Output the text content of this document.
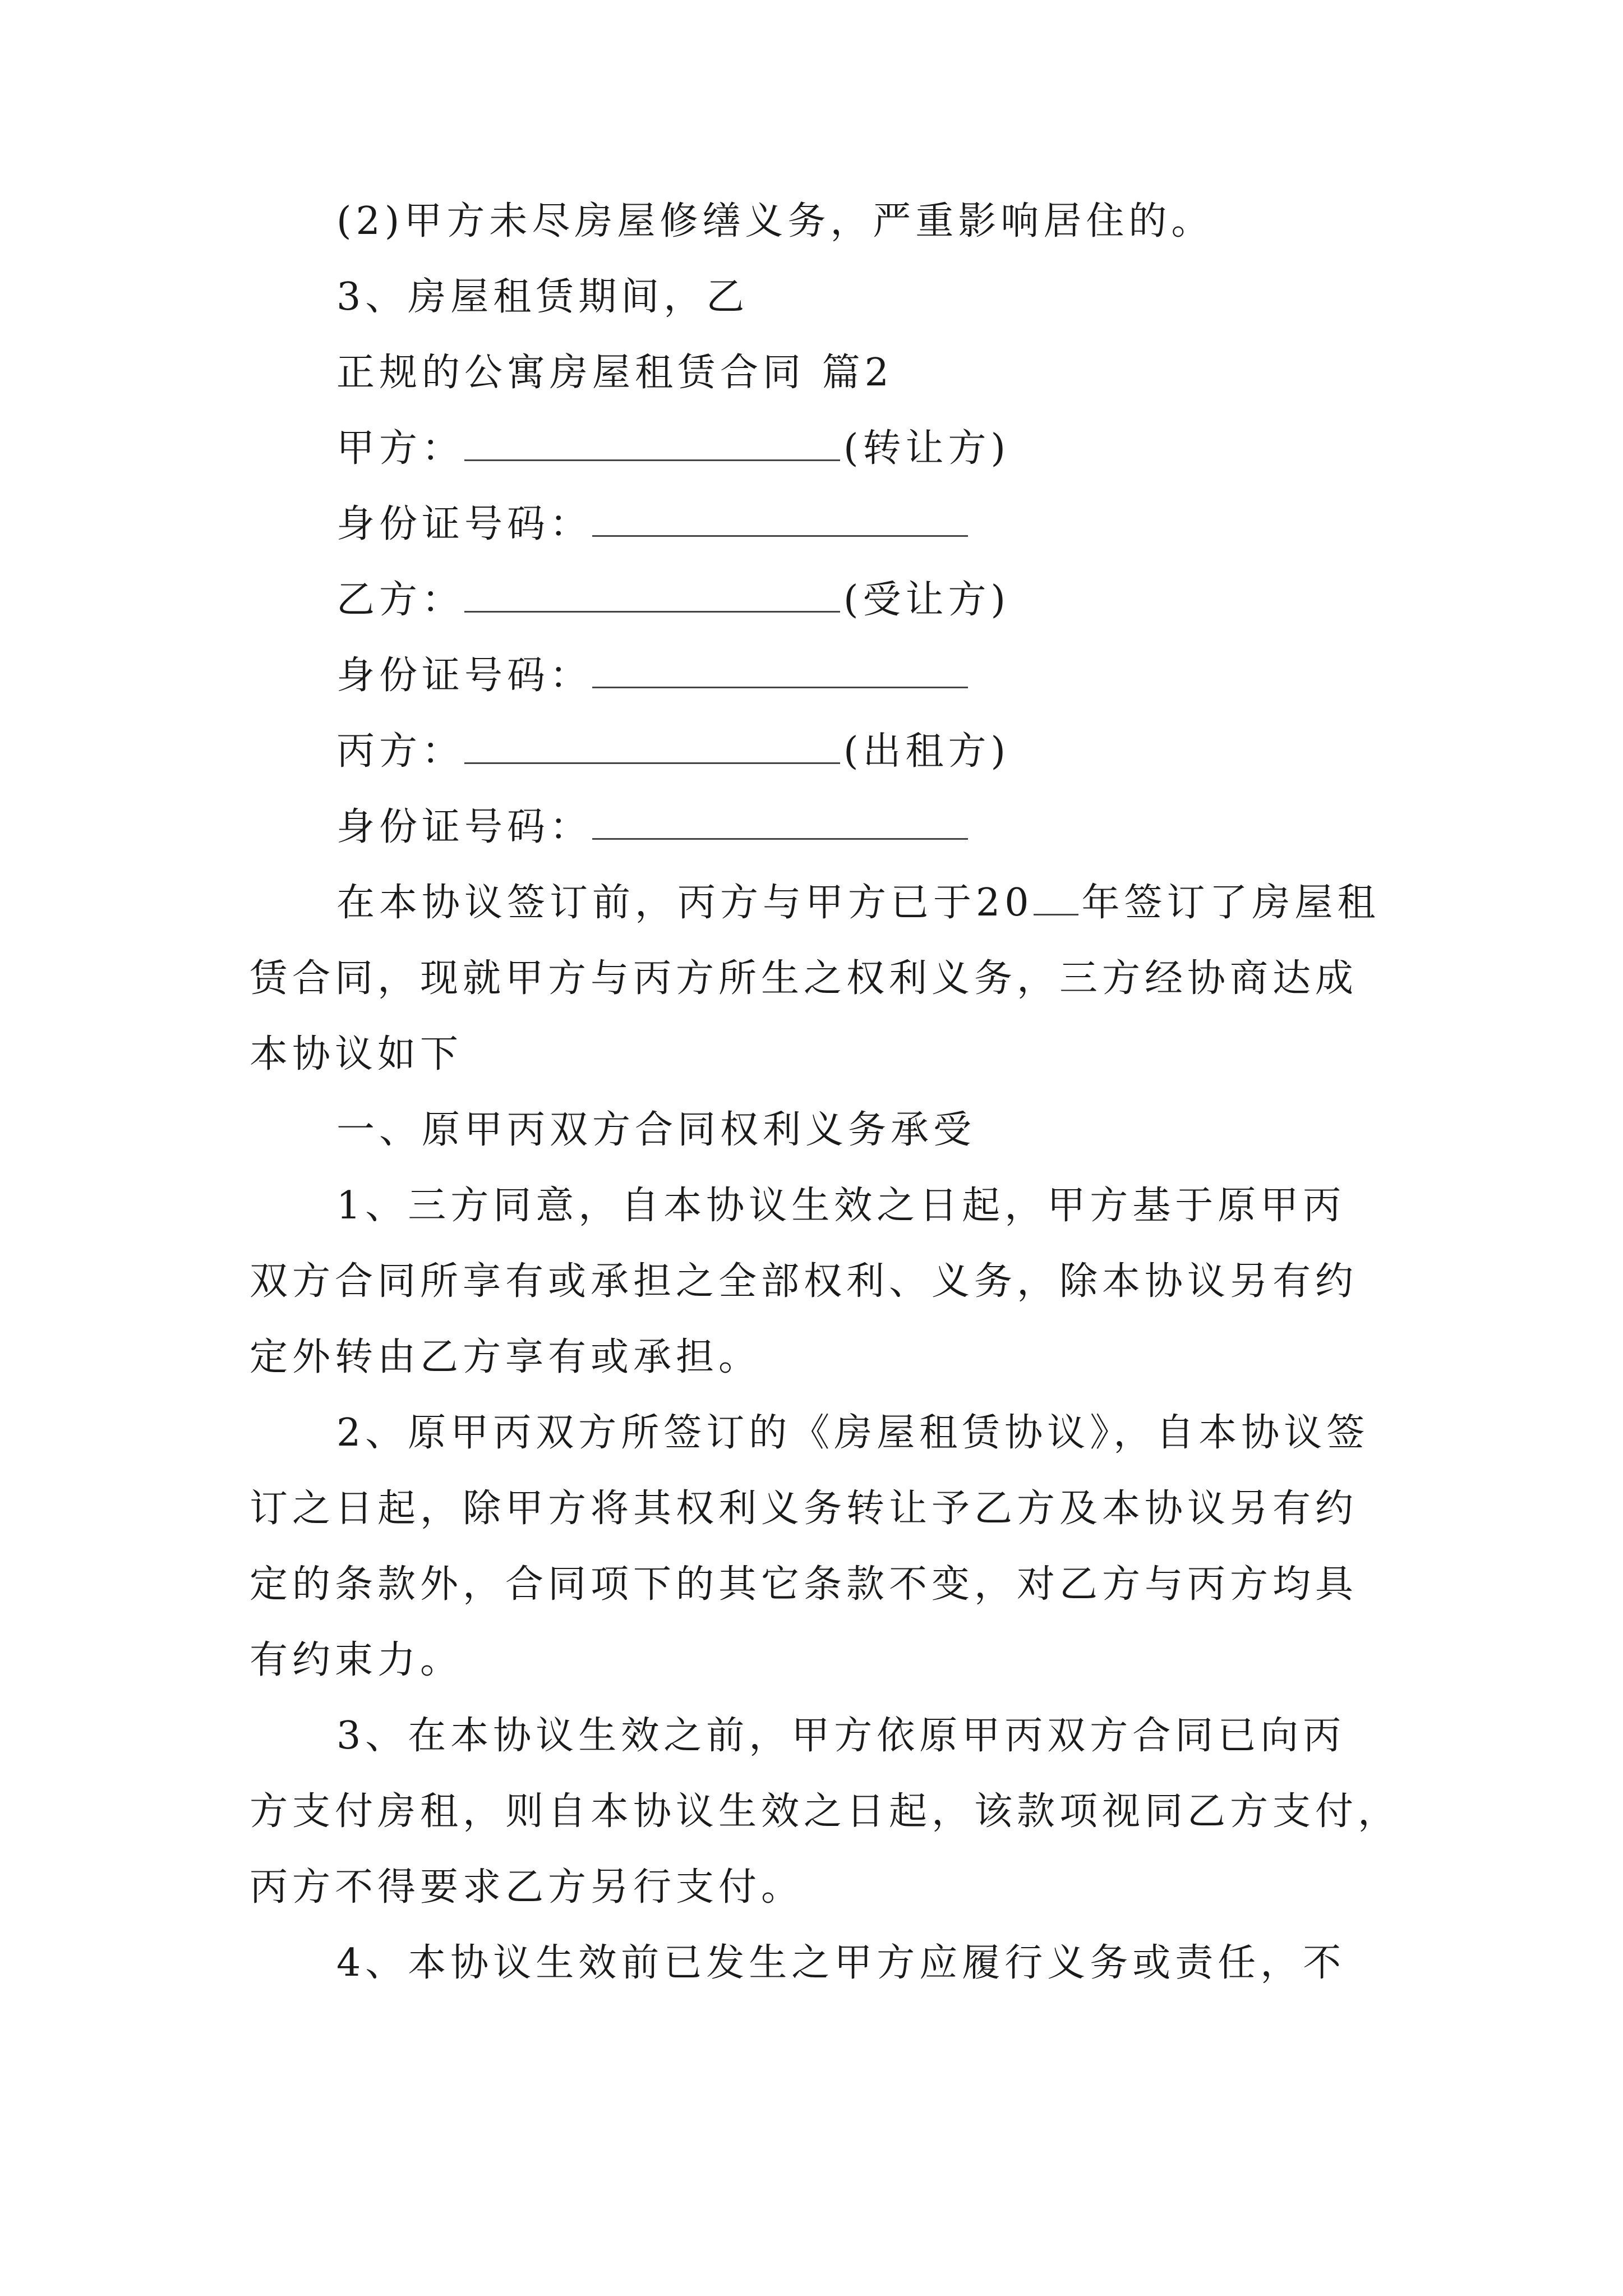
(2)甲方未尽房屋修缮义务，严重影响居住的。
3、房屋租赁期间，乙
正规的公寓房屋租赁合同 篇2
甲方：	(转让方)
身份证号码：
乙方：	(受让方)
身份证号码：
丙方：	(出租方)
身份证号码：
在本协议签订前，丙方与甲方已于20 年签订了房屋租
赁合同，现就甲方与丙方所生之权利义务，三方经协商达成
本协议如下
一、原甲丙双方合同权利义务承受
1、三方同意，自本协议生效之日起，甲方基于原甲丙
双方合同所享有或承担之全部权利、义务，除本协议另有约
定外转由乙方享有或承担。
2、原甲丙双方所签订的《房屋租赁协议》，自本协议签
订之日起，除甲方将其权利义务转让予乙方及本协议另有约
定的条款外，合同项下的其它条款不变，对乙方与丙方均具
有约束力。
3、在本协议生效之前，甲方依原甲丙双方合同已向丙
方支付房租，则自本协议生效之日起，该款项视同乙方支付，
丙方不得要求乙方另行支付。
4、本协议生效前已发生之甲方应履行义务或责任，不
